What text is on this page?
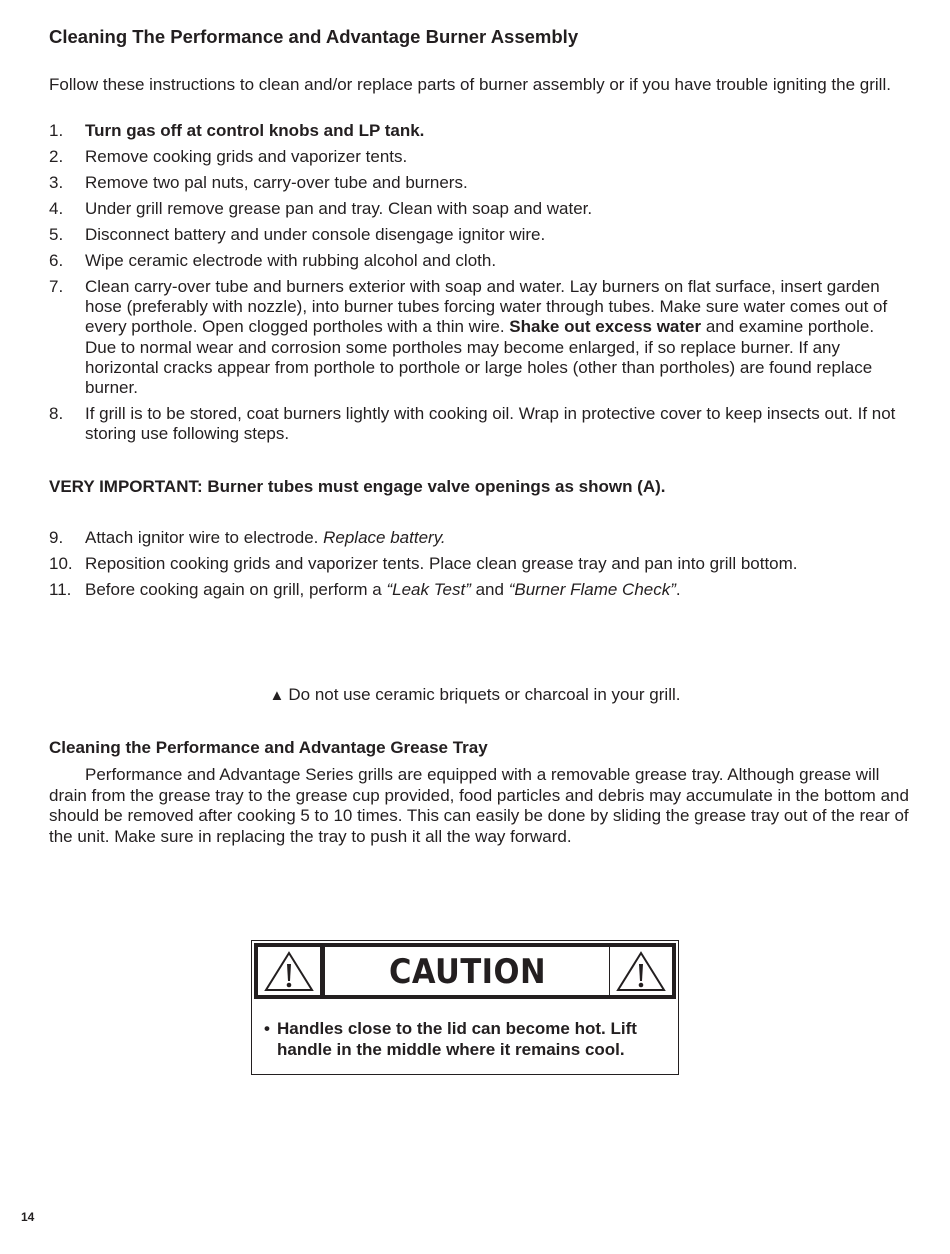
Cleaning The Performance and Advantage Burner Assembly
Follow these instructions to clean and/or replace parts of burner assembly or if you have trouble igniting the grill.
1.	Turn gas off at control knobs and LP tank.
2.	Remove cooking grids and vaporizer tents.
3.	Remove two pal nuts, carry-over tube and burners.
4.	Under grill remove grease pan and tray. Clean with soap and water.
5.	Disconnect battery and under console disengage ignitor wire.
6.	Wipe ceramic electrode with rubbing alcohol and cloth.
7.	Clean carry-over tube and burners exterior with soap and water. Lay burners on flat surface, insert garden hose (preferably with nozzle), into burner tubes forcing water through tubes. Make sure water comes out of every porthole. Open clogged portholes with a thin wire. Shake out excess water and examine porthole. Due to normal wear and corrosion some portholes may become enlarged, if so replace burner. If any horizontal cracks appear from porthole to porthole or large holes (other than portholes) are found replace burner.
8.	If grill is to be stored, coat burners lightly with cooking oil. Wrap in protective cover to keep insects out. If not storing use following steps.
VERY IMPORTANT: Burner tubes must engage valve openings as shown (A).
9.	Attach ignitor wire to electrode. Replace battery.
10. Reposition cooking grids and vaporizer tents. Place clean grease tray and pan into grill bottom.
11. Before cooking again on grill, perform a “Leak Test” and “Burner Flame Check”.
▲ Do not use ceramic briquets or charcoal in your grill.
Cleaning the Performance and Advantage Grease Tray
Performance and Advantage Series grills are equipped with a removable grease tray. Although grease will drain from the grease tray to the grease cup provided, food particles and debris may accumulate in the bottom and should be removed after cooking 5 to 10 times. This can easily be done by sliding the grease tray out of the rear of the unit. Make sure in replacing the tray to push it all the way forward.
CAUTION
• Handles close to the lid can become hot. Lift handle in the middle where it remains cool.
14
